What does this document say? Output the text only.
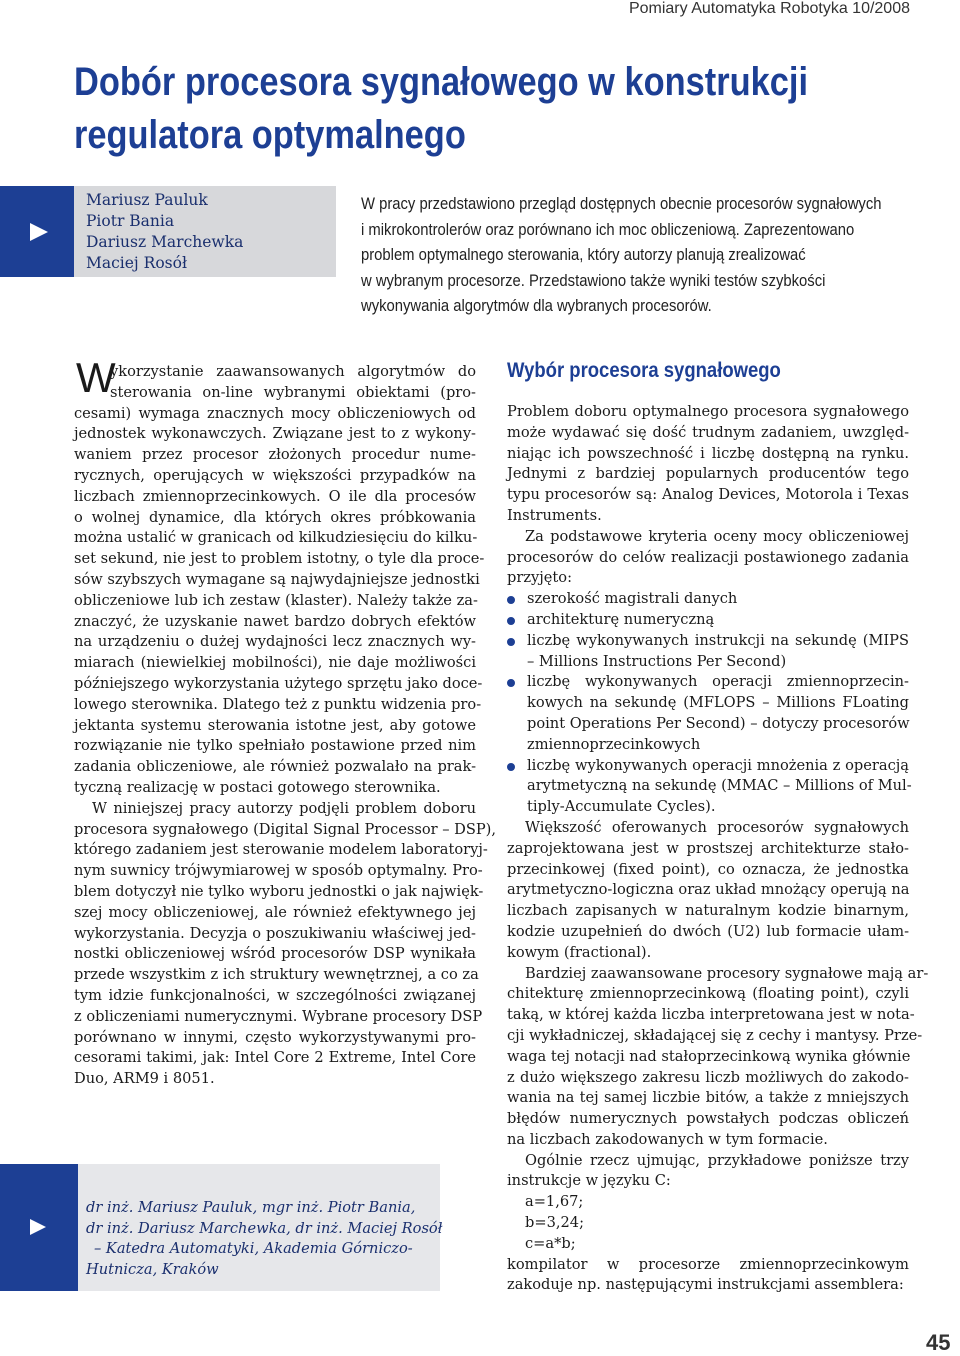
Pomiary Automatyka Robotyka 10/2008
Dobór procesora sygnałowego w konstrukcji
regulatora optymalnego
Mariusz Pauluk
Piotr Bania
Dariusz Marchewka
Maciej Rosół
W pracy przedstawiono przegląd dostępnych obecnie procesorów sygnałowych
i mikrokontrolerów oraz porównano ich moc obliczeniową. Zaprezentowano
problem optymalnego sterowania, który autorzy planują zrealizować
w wybranym procesorze. Przedstawiono także wyniki testów szybkości
wykonywania algorytmów dla wybranych procesorów.
W
ykorzystanie zaawansowanych algorytmów do
sterowania on-line wybranymi obiektami (pro-
cesami) wymaga znacznych mocy obliczeniowych od
jednostek wykonawczych. Związane jest to z wykony-
waniem przez procesor złożonych procedur nume-
rycznych, operujących w większości przypadków na
liczbach zmiennoprzecinkowych. O ile dla procesów
o wolnej dynamice, dla których okres próbkowania
można ustalić w granicach od kilkudziesięciu do kilku-
set sekund, nie jest to problem istotny, o tyle dla proce-
sów szybszych wymagane są najwydajniejsze jednostki
obliczeniowe lub ich zestaw (klaster). Należy także za-
znaczyć, że uzyskanie nawet bardzo dobrych efektów
na urządzeniu o dużej wydajności lecz znacznych wy-
miarach (niewielkiej mobilności), nie daje możliwości
późniejszego wykorzystania użytego sprzętu jako doce-
lowego sterownika. Dlatego też z punktu widzenia pro-
jektanta systemu sterowania istotne jest, aby gotowe
rozwiązanie nie tylko spełniało postawione przed nim
zadania obliczeniowe, ale również pozwalało na prak-
tyczną realizację w postaci gotowego sterownika.
W niniejszej pracy autorzy podjęli problem doboru
procesora sygnałowego (Digital Signal Processor – DSP),
którego zadaniem jest sterowanie modelem laboratoryj-
nym suwnicy trójwymiarowej w sposób optymalny. Pro-
blem dotyczył nie tylko wyboru jednostki o jak najwięk-
szej mocy obliczeniowej, ale również efektywnego jej
wykorzystania. Decyzja o poszukiwaniu właściwej jed-
nostki obliczeniowej wśród procesorów DSP wynikała
przede wszystkim z ich struktury wewnętrznej, a co za
tym idzie funkcjonalności, w szczególności związanej
z obliczeniami numerycznymi. Wybrane procesory DSP
porównano w innymi, często wykorzystywanymi pro-
cesorami takimi, jak: Intel Core 2 Extreme, Intel Core
Duo, ARM9 i 8051.
Wybór procesora sygnałowego
Problem doboru optymalnego procesora sygnałowego
może wydawać się dość trudnym zadaniem, uwzględ-
niając ich powszechność i liczbę dostępną na rynku.
Jednymi z bardziej popularnych producentów tego
typu procesorów są: Analog Devices, Motorola i Texas
Instruments.
Za podstawowe kryteria oceny mocy obliczeniowej
procesorów do celów realizacji postawionego zadania
przyjęto:
szerokość magistrali danych
architekturę numeryczną
liczbę wykonywanych instrukcji na sekundę (MIPS
– Millions Instructions Per Second)
liczbę wykonywanych operacji zmiennoprzecin-
kowych na sekundę (MFLOPS – Millions FLoating
point Operations Per Second) – dotyczy procesorów
zmiennoprzecinkowych
liczbę wykonywanych operacji mnożenia z operacją
arytmetyczną na sekundę (MMAC – Millions of Mul-
tiply-Accumulate Cycles).
Większość oferowanych procesorów sygnałowych
zaprojektowana jest w prostszej architekturze stało-
przecinkowej (fixed point), co oznacza, że jednostka
arytmetyczno-logiczna oraz układ mnożący operują na
liczbach zapisanych w naturalnym kodzie binarnym,
kodzie uzupełnień do dwóch (U2) lub formacie ułam-
kowym (fractional).
Bardziej zaawansowane procesory sygnałowe mają ar-
chitekturę zmiennoprzecinkową (floating point), czyli
taką, w której każda liczba interpretowana jest w nota-
cji wykładniczej, składającej się z cechy i mantysy. Prze-
waga tej notacji nad stałoprzecinkową wynika głównie
z dużo większego zakresu liczb możliwych do zakodo-
wania na tej samej liczbie bitów, a także z mniejszych
błędów numerycznych powstałych podczas obliczeń
na liczbach zakodowanych w tym formacie.
Ogólnie rzecz ujmując, przykładowe poniższe trzy
instrukcje w języku C:
a=1,67;
b=3,24;
c=a*b;
kompilator w procesorze zmiennoprzecinkowym
zakoduje np. następującymi instrukcjami assemblera:
dr inż. Mariusz Pauluk, mgr inż. Piotr Bania,
dr inż. Dariusz Marchewka, dr inż. Maciej Rosół
– Katedra Automatyki, Akademia Górniczo-
Hutnicza, Kraków
45
